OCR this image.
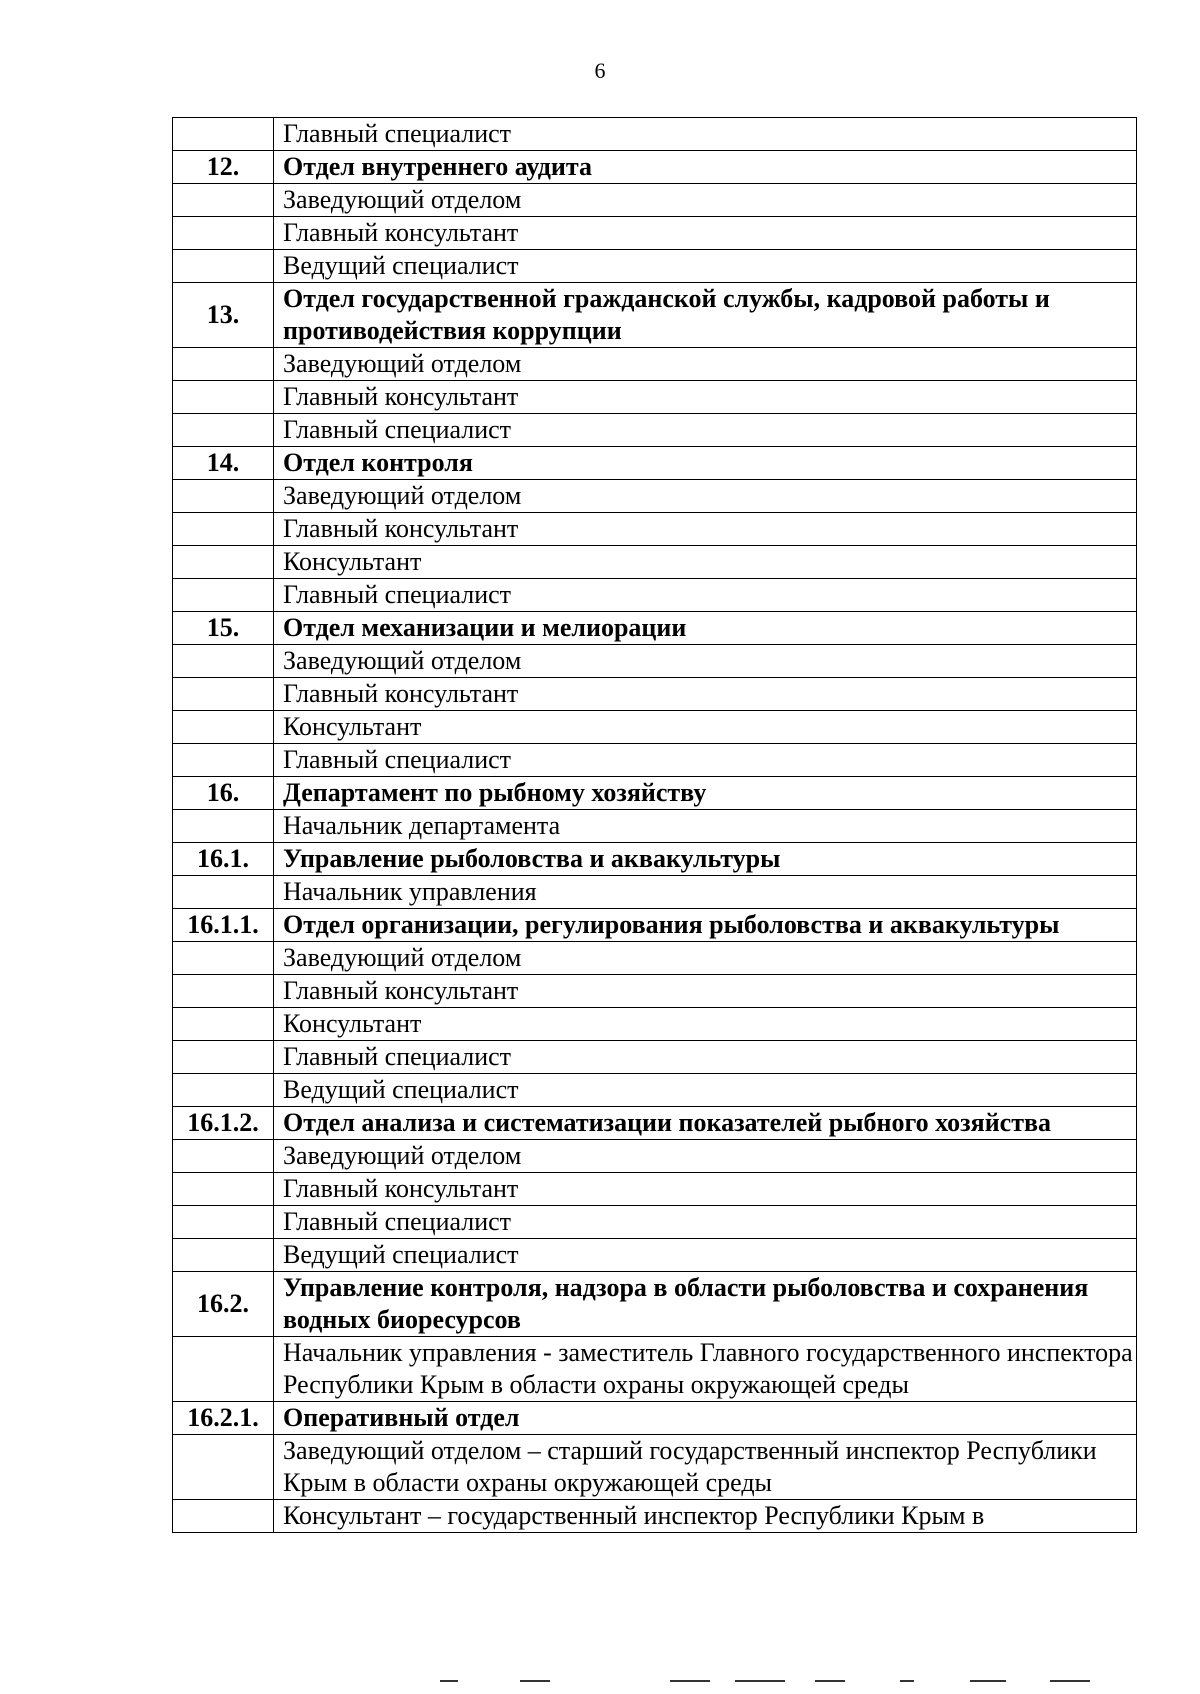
6
	Главный специалист
12.	Отдел внутреннего аудита
	Заведующий отделом
	Главный консультант
	Ведущий специалист
13.	Отдел государственной гражданской службы, кадровой работы и противодействия коррупции
	Заведующий отделом
	Главный консультант
	Главный специалист
14.	Отдел контроля
	Заведующий отделом
	Главный консультант
	Консультант
	Главный специалист
15.	Отдел механизации и мелиорации
	Заведующий отделом
	Главный консультант
	Консультант
	Главный специалист
16.	Департамент по рыбному хозяйству
	Начальник департамента
16.1.	Управление рыболовства и аквакультуры
	Начальник управления
16.1.1.	Отдел организации, регулирования рыболовства и аквакультуры
	Заведующий отделом
	Главный консультант
	Консультант
	Главный специалист
	Ведущий специалист
16.1.2.	Отдел анализа и систематизации показателей рыбного хозяйства
	Заведующий отделом
	Главный консультант
	Главный специалист
	Ведущий специалист
16.2.	Управление контроля, надзора в области рыболовства и сохранения водных биоресурсов
	Начальник управления - заместитель Главного государственного инспектора Республики Крым в области охраны окружающей среды
16.2.1.	Оперативный отдел
	Заведующий отделом – старший государственный инспектор Республики Крым в области охраны окружающей среды
	Консультант – государственный инспектор Республики Крым в
